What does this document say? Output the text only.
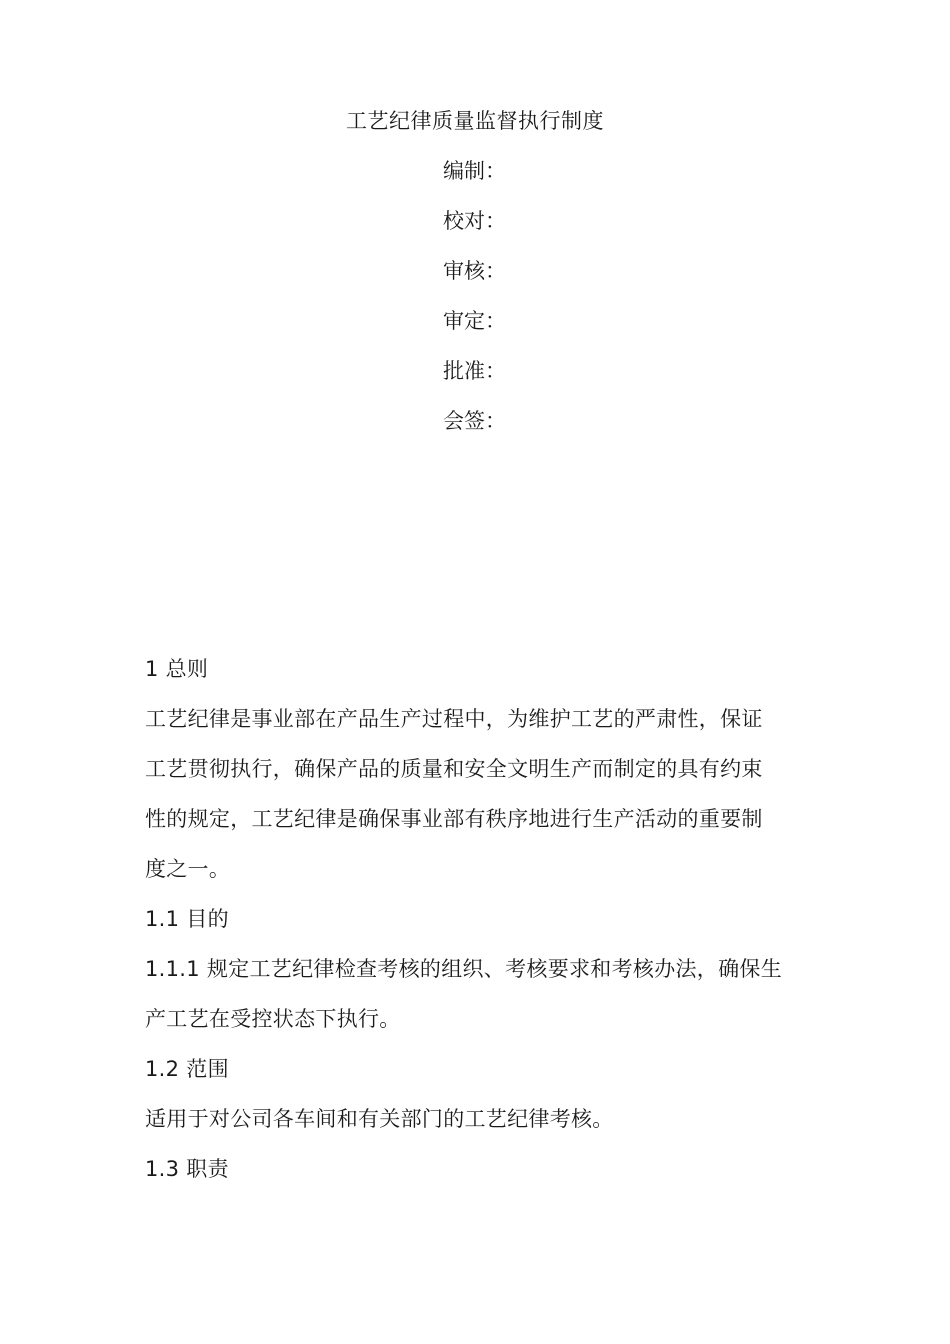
工艺纪律质量监督执行制度
编制：
校对：
审核：
审定：
批准：
会签：
1 总则
工艺纪律是事业部在产品生产过程中，为维护工艺的严肃性，保证
工艺贯彻执行，确保产品的质量和安全文明生产而制定的具有约束
性的规定，工艺纪律是确保事业部有秩序地进行生产活动的重要制
度之一。
1.1 目的
1.1.1 规定工艺纪律检查考核的组织、考核要求和考核办法，确保生
产工艺在受控状态下执行。
1.2 范围
适用于对公司各车间和有关部门的工艺纪律考核。
1.3 职责
